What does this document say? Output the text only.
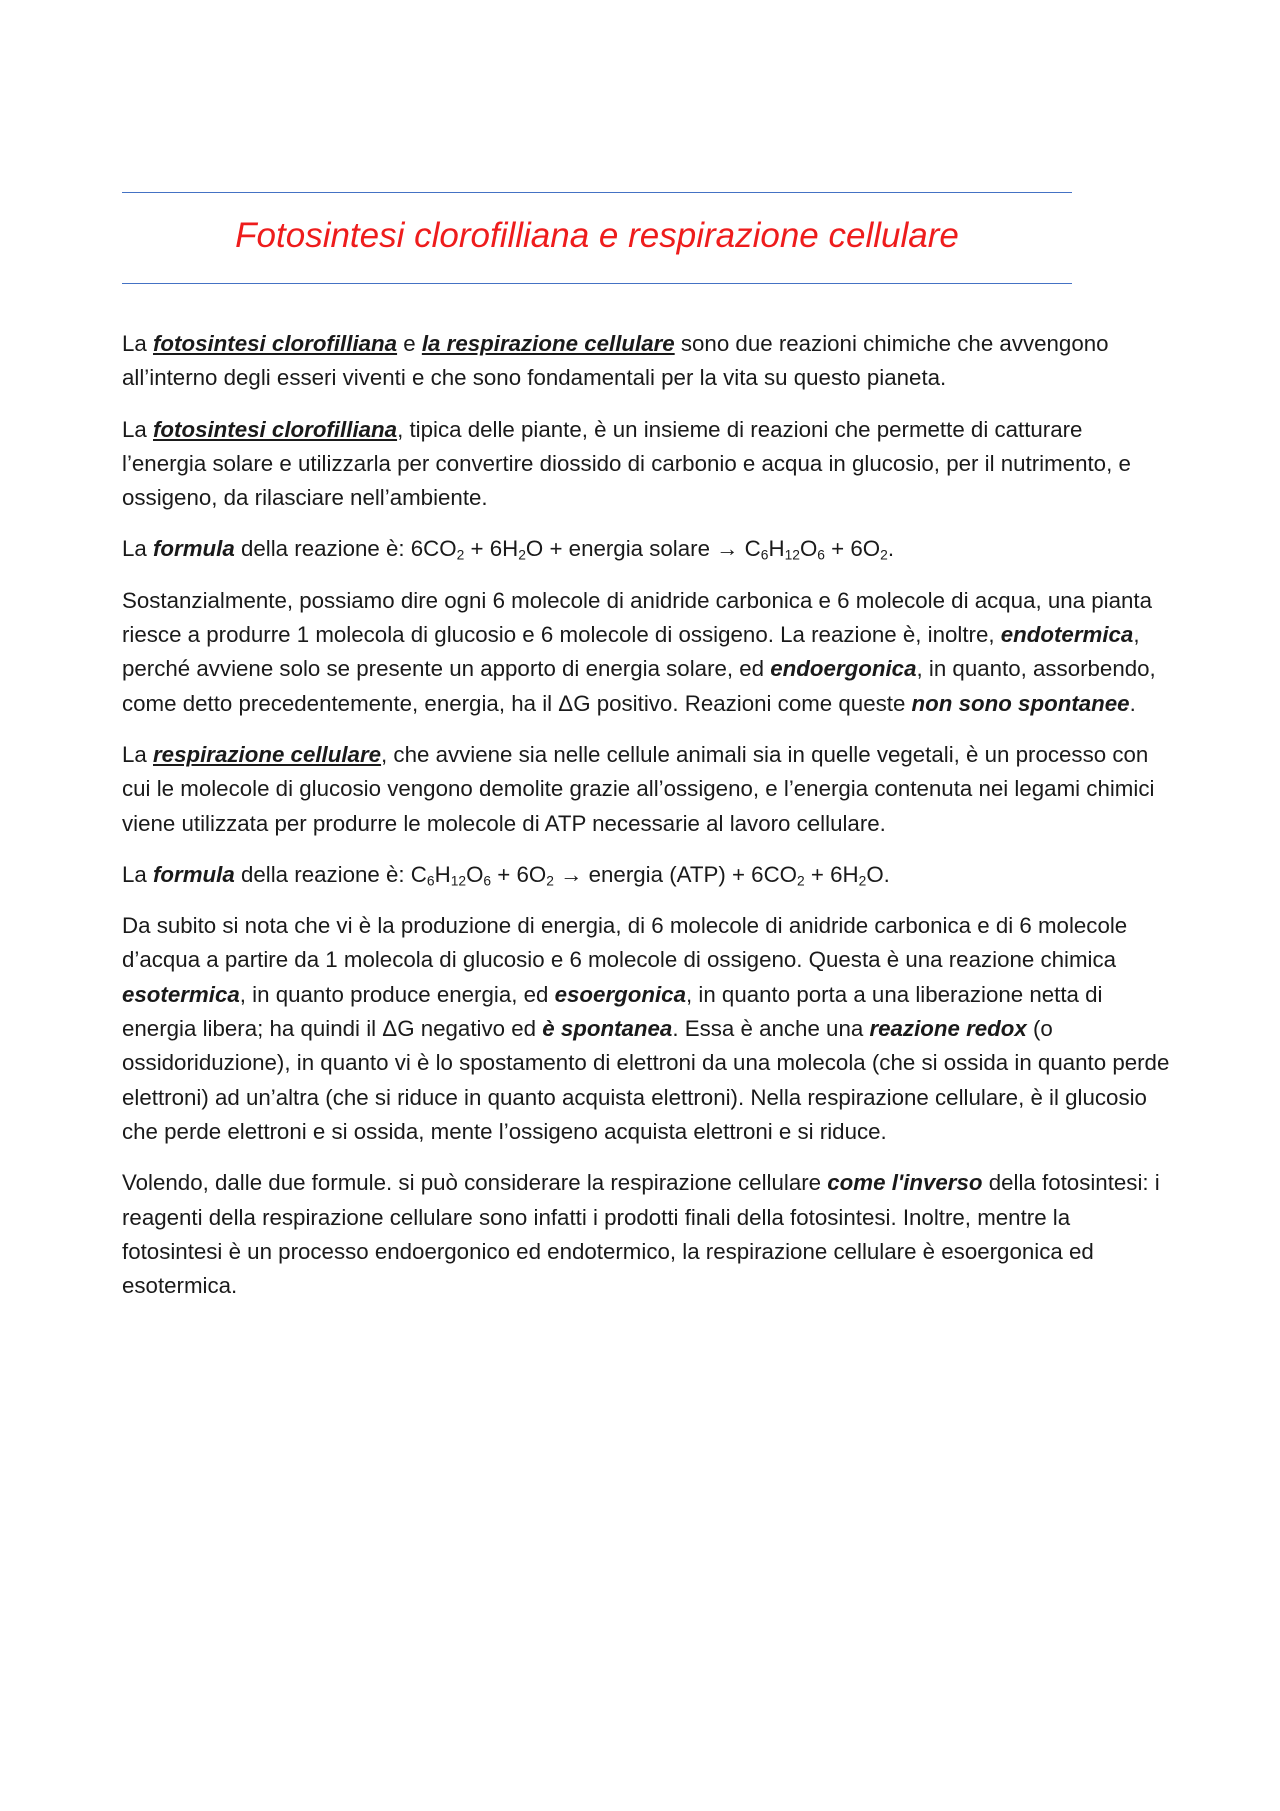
Fotosintesi clorofilliana e respirazione cellulare

La fotosintesi clorofilliana e la respirazione cellulare sono due reazioni chimiche che avvengono all’interno degli esseri viventi e che sono fondamentali per la vita su questo pianeta.

La fotosintesi clorofilliana, tipica delle piante, è un insieme di reazioni che permette di catturare l’energia solare e utilizzarla per convertire diossido di carbonio e acqua in glucosio, per il nutrimento, e ossigeno, da rilasciare nell’ambiente.

La formula della reazione è: $6CO_2 + 6H_2O$ + energia solare → $C_6H_{12}O_6 + 6O_2$.

Sostanzialmente, possiamo dire ogni 6 molecole di anidride carbonica e 6 molecole di acqua, una pianta riesce a produrre 1 molecola di glucosio e 6 molecole di ossigeno. La reazione è, inoltre, endotermica, perché avviene solo se presente un apporto di energia solare, ed endoergonica, in quanto, assorbendo, come detto precedentemente, energia, ha il ΔG positivo. Reazioni come queste non sono spontanee.

La respirazione cellulare, che avviene sia nelle cellule animali sia in quelle vegetali, è un processo con cui le molecole di glucosio vengono demolite grazie all’ossigeno, e l’energia contenuta nei legami chimici viene utilizzata per produrre le molecole di ATP necessarie al lavoro cellulare.

La formula della reazione è: $C_6H_{12}O_6 + 6O_2$ → energia $(ATP) + 6CO_2 + 6H_2O$.

Da subito si nota che vi è la produzione di energia, di 6 molecole di anidride carbonica e di 6 molecole d’acqua a partire da 1 molecola di glucosio e 6 molecole di ossigeno. Questa è una reazione chimica esotermica, in quanto produce energia, ed esoergonica, in quanto porta a una liberazione netta di energia libera; ha quindi il ΔG negativo ed è spontanea. Essa è anche una reazione redox (o ossidoriduzione), in quanto vi è lo spostamento di elettroni da una molecola (che si ossida in quanto perde elettroni) ad un’altra (che si riduce in quanto acquista elettroni). Nella respirazione cellulare, è il glucosio che perde elettroni e si ossida, mente l’ossigeno acquista elettroni e si riduce.

Volendo, dalle due formule. si può considerare la respirazione cellulare come l'inverso della fotosintesi: i reagenti della respirazione cellulare sono infatti i prodotti finali della fotosintesi. Inoltre, mentre la fotosintesi è un processo endoergonico ed endotermico, la respirazione cellulare è esoergonica ed esotermica.
